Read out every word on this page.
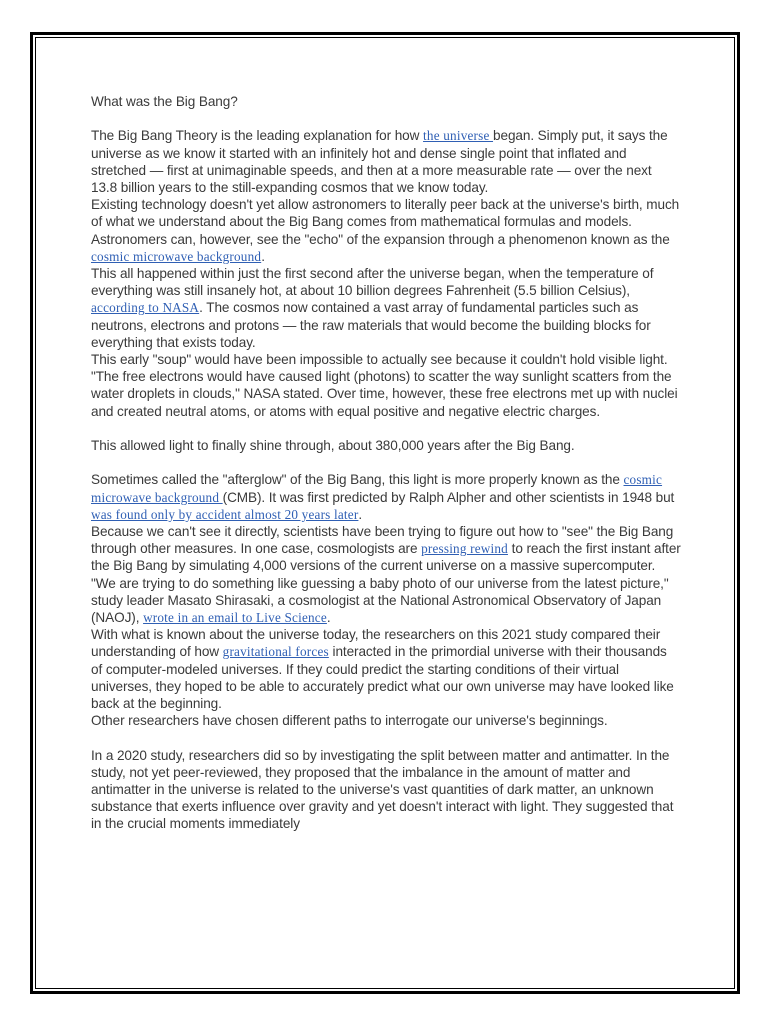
What was the Big Bang?

The Big Bang Theory is the leading explanation for how the universe began. Simply put, it says the universe as we know it started with an infinitely hot and dense single point that inflated and stretched — first at unimaginable speeds, and then at a more measurable rate — over the next 13.8 billion years to the still-expanding cosmos that we know today.

Existing technology doesn't yet allow astronomers to literally peer back at the universe's birth, much of what we understand about the Big Bang comes from mathematical formulas and models. Astronomers can, however, see the "echo" of the expansion through a phenomenon known as the cosmic microwave background.

This all happened within just the first second after the universe began, when the temperature of everything was still insanely hot, at about 10 billion degrees Fahrenheit (5.5 billion Celsius), according to NASA. The cosmos now contained a vast array of fundamental particles such as neutrons, electrons and protons — the raw materials that would become the building blocks for everything that exists today.

This early "soup" would have been impossible to actually see because it couldn't hold visible light. "The free electrons would have caused light (photons) to scatter the way sunlight scatters from the water droplets in clouds," NASA stated. Over time, however, these free electrons met up with nuclei and created neutral atoms, or atoms with equal positive and negative electric charges.

This allowed light to finally shine through, about 380,000 years after the Big Bang.

Sometimes called the "afterglow" of the Big Bang, this light is more properly known as the cosmic microwave background (CMB). It was first predicted by Ralph Alpher and other scientists in 1948 but was found only by accident almost 20 years later.

Because we can't see it directly, scientists have been trying to figure out how to "see" the Big Bang through other measures. In one case, cosmologists are pressing rewind to reach the first instant after the Big Bang by simulating 4,000 versions of the current universe on a massive supercomputer.

"We are trying to do something like guessing a baby photo of our universe from the latest picture," study leader Masato Shirasaki, a cosmologist at the National Astronomical Observatory of Japan (NAOJ), wrote in an email to Live Science.

With what is known about the universe today, the researchers on this 2021 study compared their understanding of how gravitational forces interacted in the primordial universe with their thousands of computer-modeled universes. If they could predict the starting conditions of their virtual universes, they hoped to be able to accurately predict what our own universe may have looked like back at the beginning.

Other researchers have chosen different paths to interrogate our universe's beginnings.

In a 2020 study, researchers did so by investigating the split between matter and antimatter. In the study, not yet peer-reviewed, they proposed that the imbalance in the amount of matter and antimatter in the universe is related to the universe's vast quantities of dark matter, an unknown substance that exerts influence over gravity and yet doesn't interact with light. They suggested that in the crucial moments immediately
